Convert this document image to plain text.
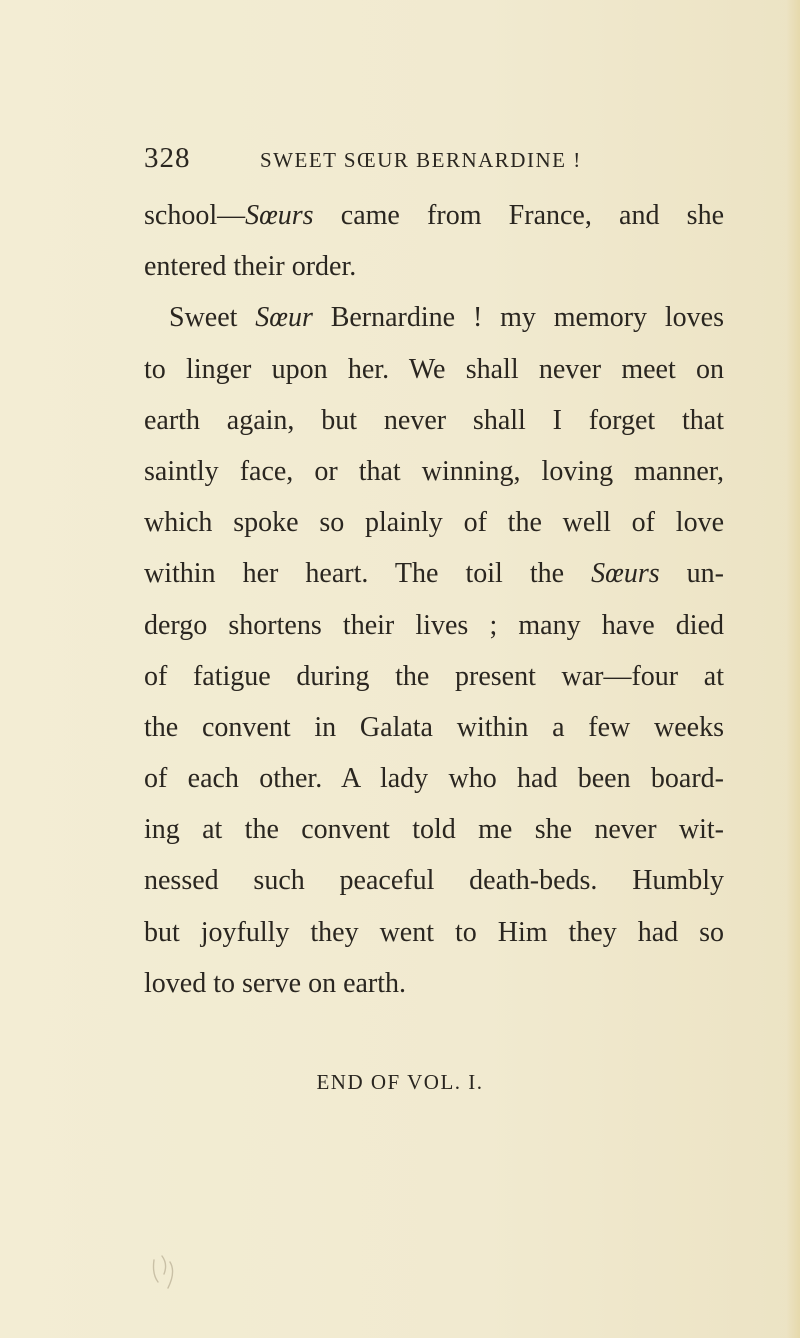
328	SWEET SŒUR BERNARDINE !
school—Sœurs came from France, and she
entered their order.
Sweet Sœur Bernardine ! my memory loves
to linger upon her. We shall never meet on
earth again, but never shall I forget that
saintly face, or that winning, loving manner,
which spoke so plainly of the well of love
within her heart. The toil the Sœurs un-
dergo shortens their lives ; many have died
of fatigue during the present war—four at
the convent in Galata within a few weeks
of each other. A lady who had been board-
ing at the convent told me she never wit-
nessed such peaceful death-beds. Humbly
but joyfully they went to Him they had so
loved to serve on earth.
END OF VOL. I.
